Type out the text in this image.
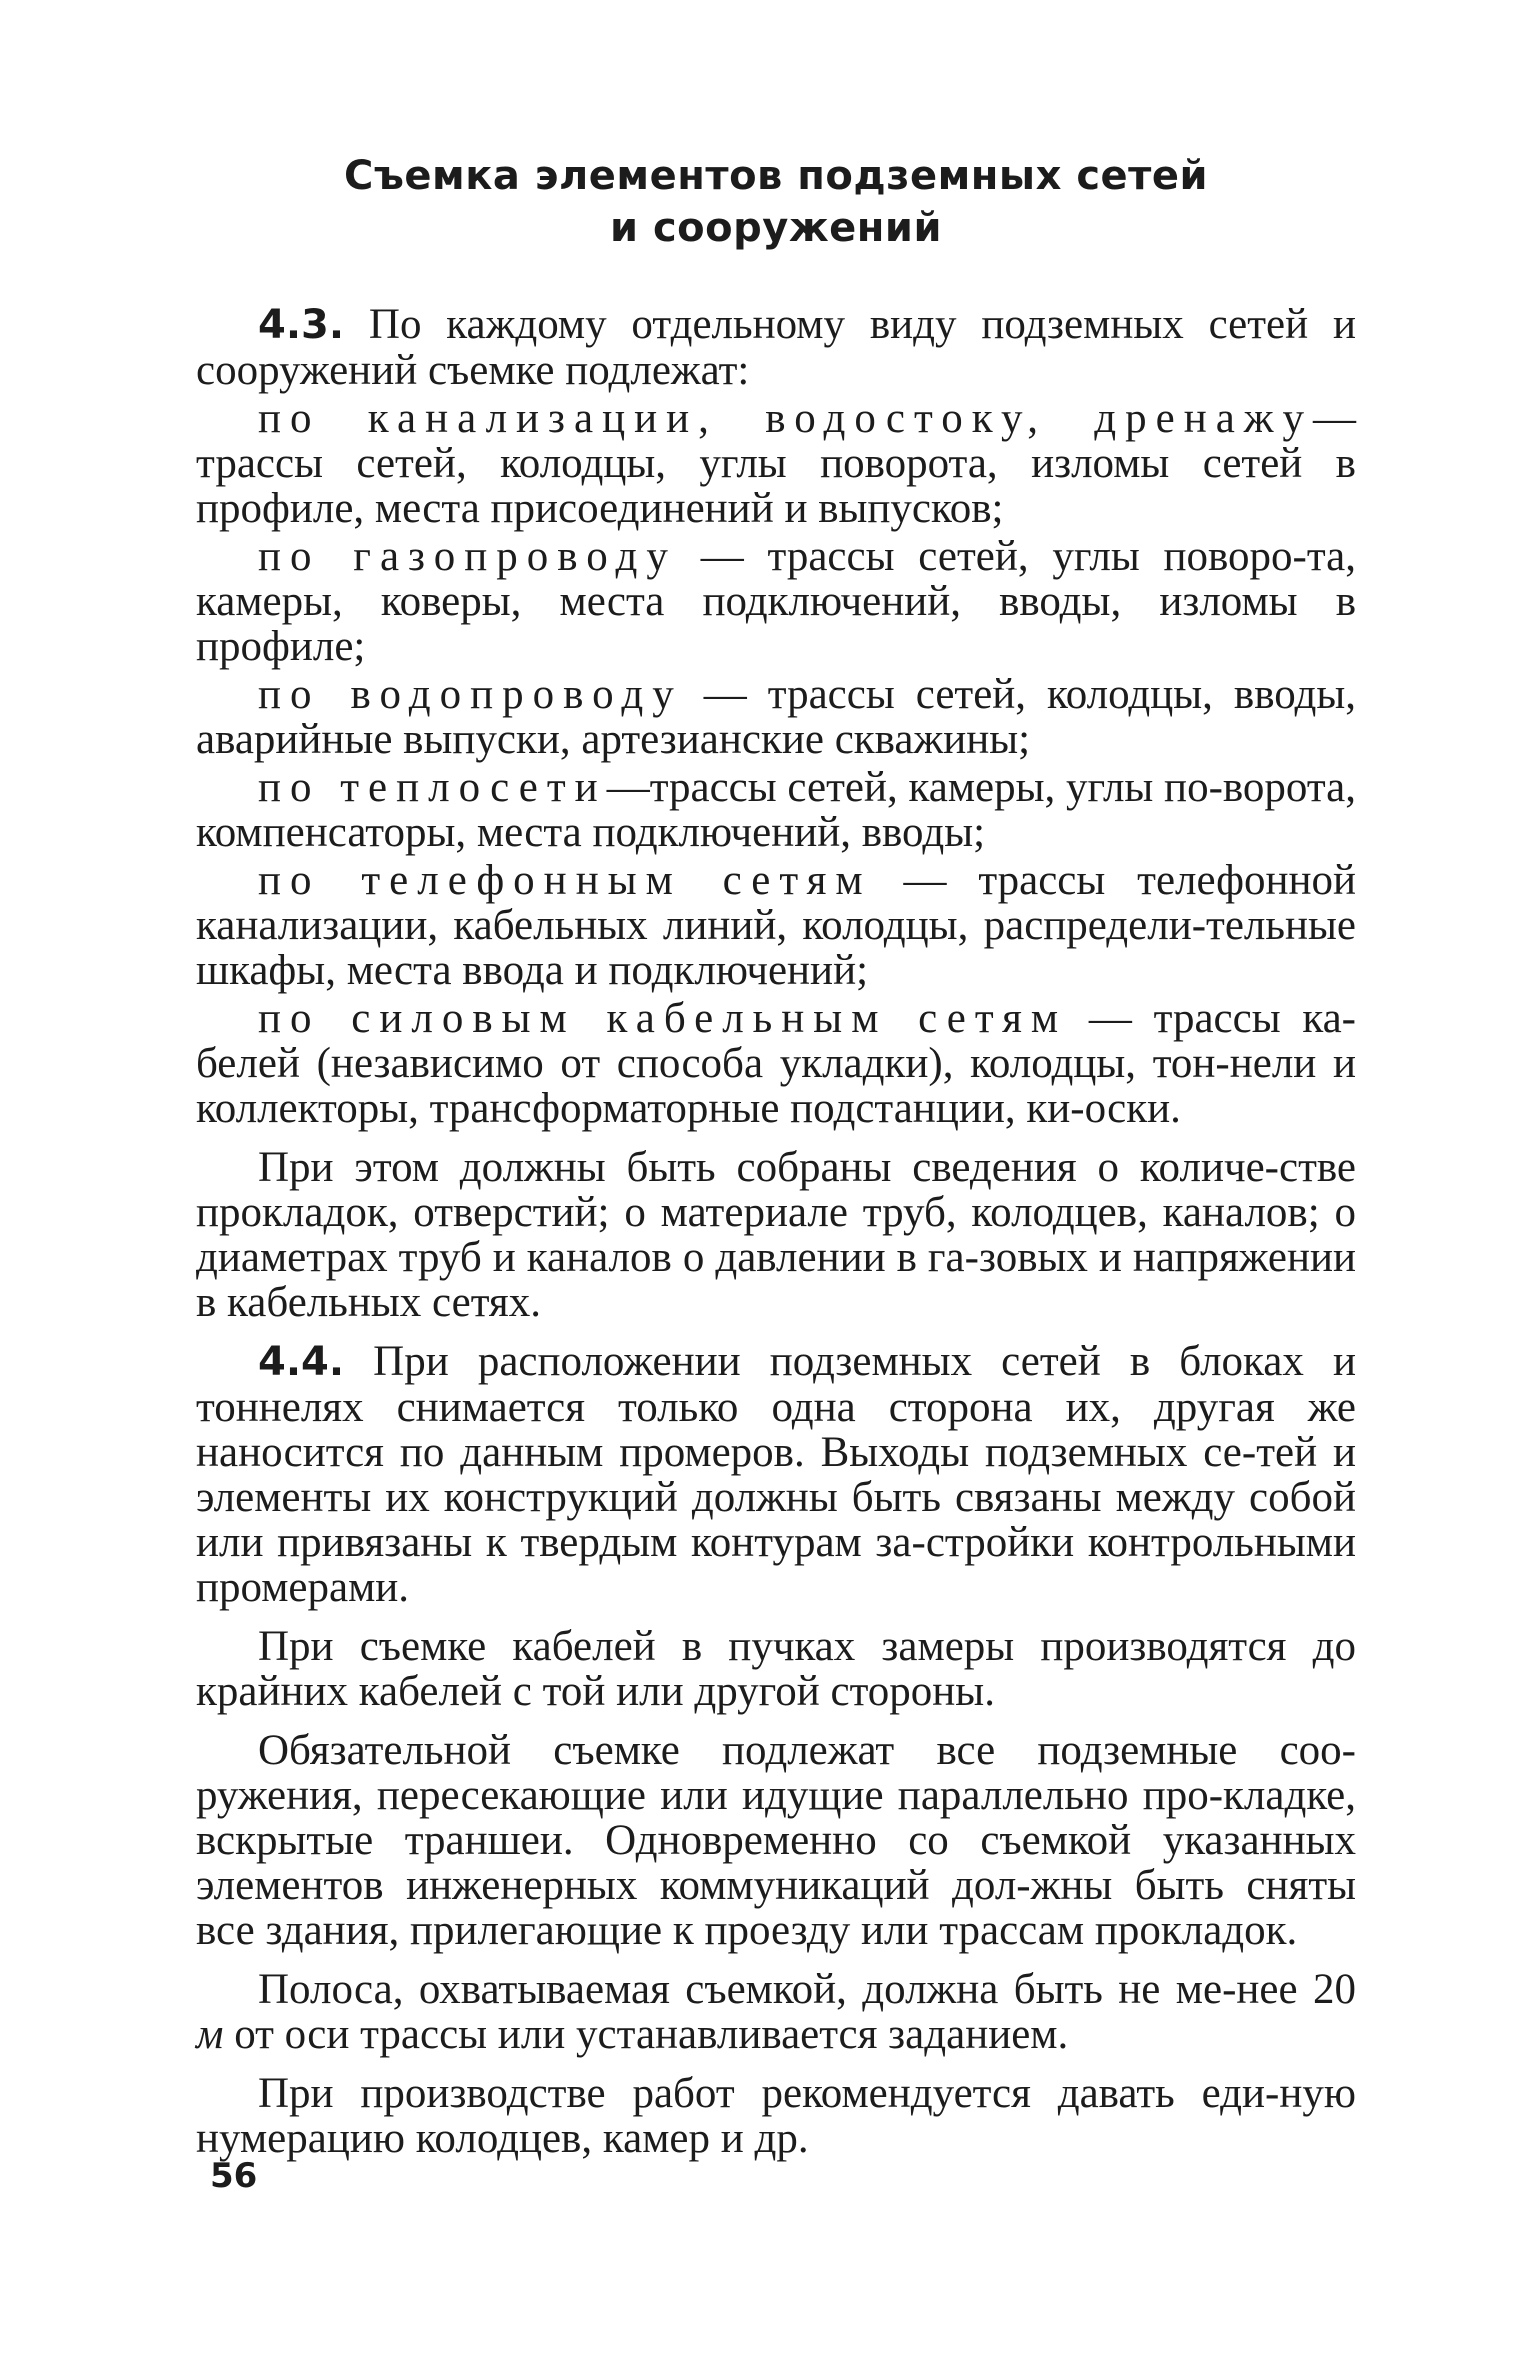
Съемка элементов подземных сетей
и сооружений

4.3. По каждому отдельному виду подземных сетей и сооружений съемке подлежат:

по канализации, водостоку, дренажу— трассы сетей, колодцы, углы поворота, изломы сетей в профиле, места присоединений и выпусков;

по газопроводу — трассы сетей, углы поворо-та, камеры, коверы, места подключений, вводы, изломы в профиле;

по водопроводу — трассы сетей, колодцы, вводы, аварийные выпуски, артезианские скважины;

по теплосети—трассы сетей, камеры, углы по-ворота, компенсаторы, места подключений, вводы;

по телефонным сетям — трассы телефонной канализации, кабельных линий, колодцы, распредели-тельные шкафы, места ввода и подключений;

по силовым кабельным сетям — трассы ка-белей (независимо от способа укладки), колодцы, тон-нели и коллекторы, трансформаторные подстанции, ки-оски.

При этом должны быть собраны сведения о количе-стве прокладок, отверстий; о материале труб, колодцев, каналов; о диаметрах труб и каналов о давлении в га-зовых и напряжении в кабельных сетях.

4.4. При расположении подземных сетей в блоках и тоннелях снимается только одна сторона их, другая же наносится по данным промеров. Выходы подземных се-тей и элементы их конструкций должны быть связаны между собой или привязаны к твердым контурам за-стройки контрольными промерами.

При съемке кабелей в пучках замеры производятся до крайних кабелей с той или другой стороны.

Обязательной съемке подлежат все подземные соо-ружения, пересекающие или идущие параллельно про-кладке, вскрытые траншеи. Одновременно со съемкой указанных элементов инженерных коммуникаций дол-жны быть сняты все здания, прилегающие к проезду или трассам прокладок.

Полоса, охватываемая съемкой, должна быть не ме-нее 20 м от оси трассы или устанавливается заданием.

При производстве работ рекомендуется давать еди-ную нумерацию колодцев, камер и др.

56
